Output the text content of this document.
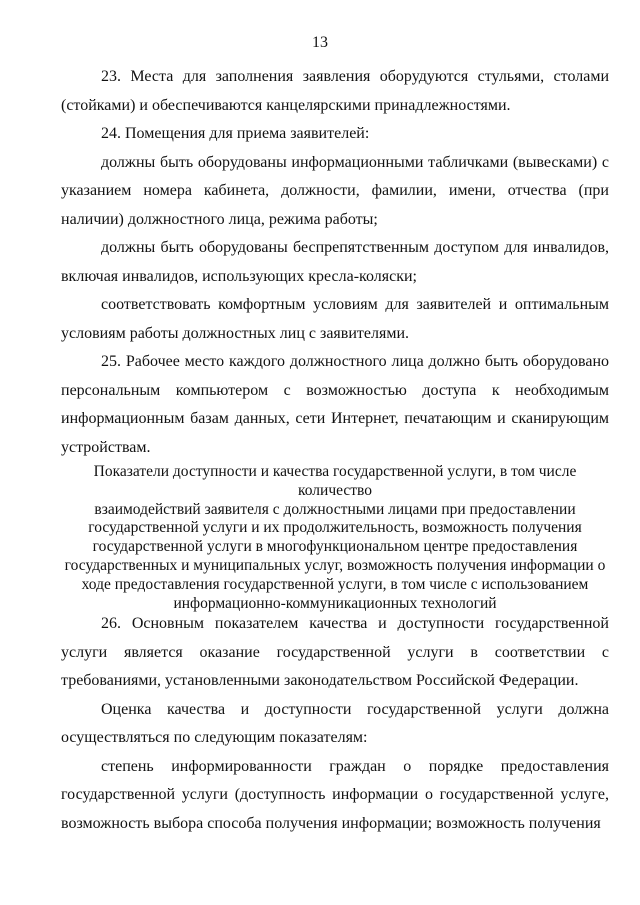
13

23. Места для заполнения заявления оборудуются стульями, столами (стойками) и обеспечиваются канцелярскими принадлежностями.

24. Помещения для приема заявителей:

должны быть оборудованы информационными табличками (вывесками) с указанием номера кабинета, должности, фамилии, имени, отчества (при наличии) должностного лица, режима работы;

должны быть оборудованы беспрепятственным доступом для инвалидов, включая инвалидов, использующих кресла-коляски;

соответствовать комфортным условиям для заявителей и оптимальным условиям работы должностных лиц с заявителями.

25. Рабочее место каждого должностного лица должно быть оборудовано персональным компьютером с возможностью доступа к необходимым информационным базам данных, сети Интернет, печатающим и сканирующим устройствам.

Показатели доступности и качества государственной услуги, в том числе количество
взаимодействий заявителя с должностными лицами при предоставлении
государственной услуги и их продолжительность, возможность получения
государственной услуги в многофункциональном центре предоставления
государственных и муниципальных услуг, возможность получения информации о
ходе предоставления государственной услуги, в том числе с использованием
информационно-коммуникационных технологий

26. Основным показателем качества и доступности государственной услуги является оказание государственной услуги в соответствии с требованиями, установленными законодательством Российской Федерации.

Оценка качества и доступности государственной услуги должна осуществляться по следующим показателям:

степень информированности граждан о порядке предоставления государственной услуги (доступность информации о государственной услуге, возможность выбора способа получения информации; возможность получения
